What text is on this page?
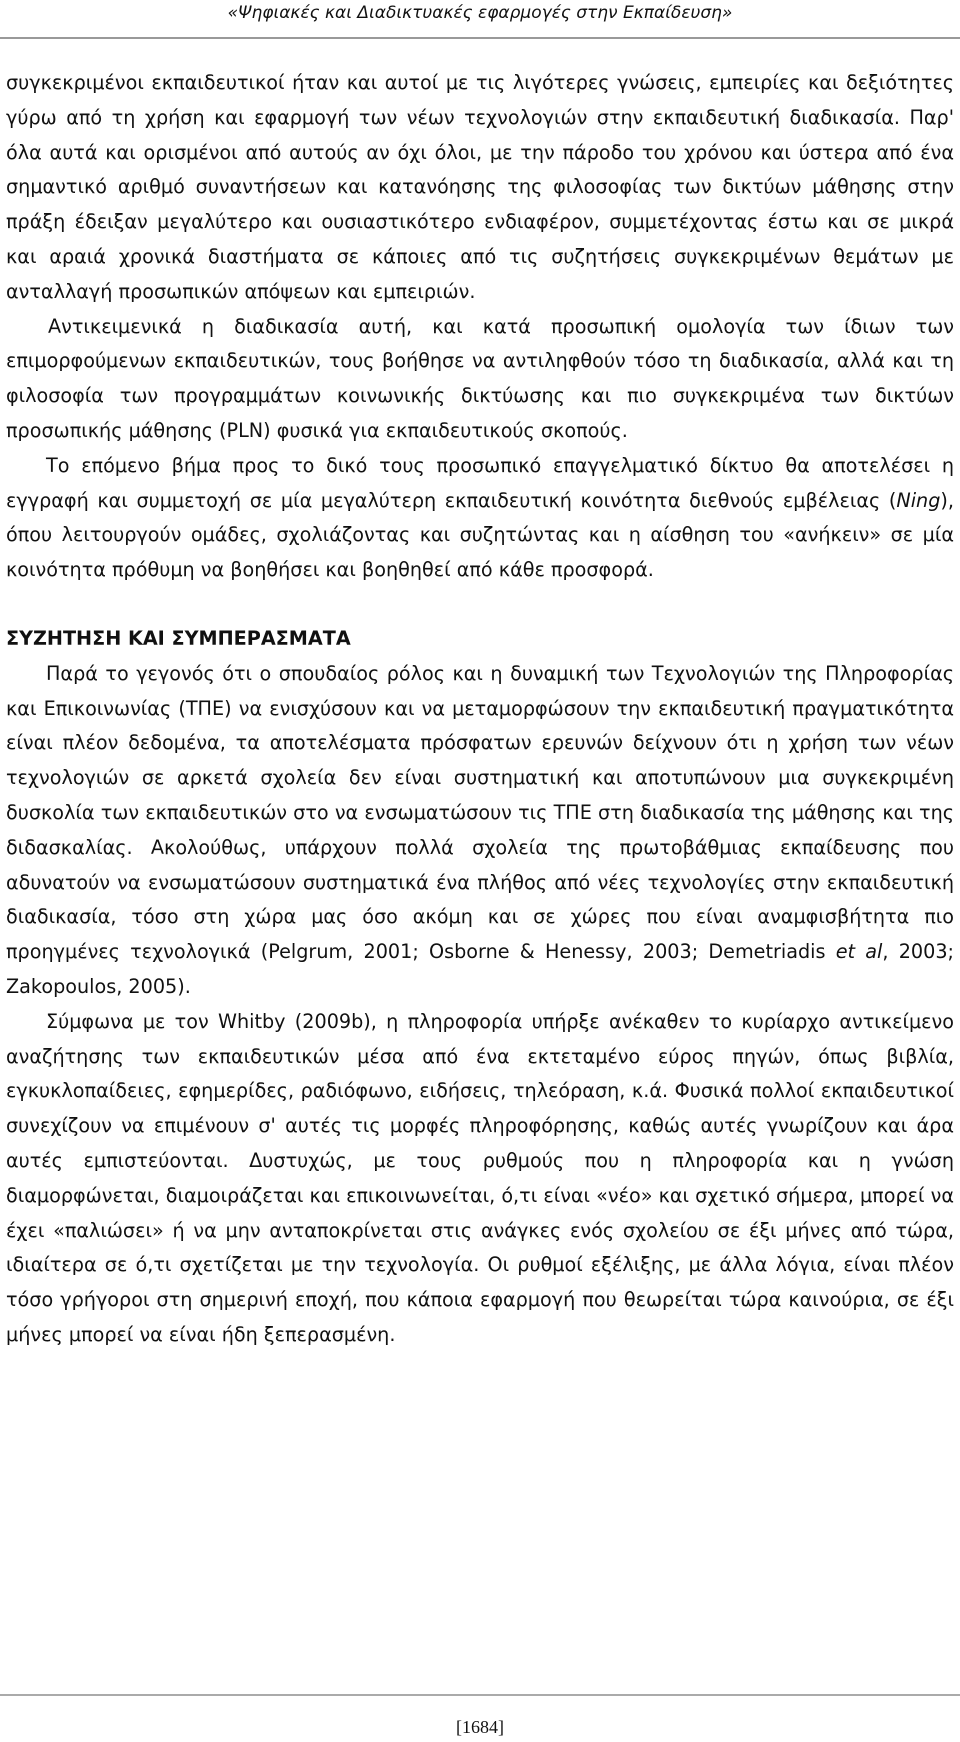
«Ψηφιακές και Διαδικτυακές εφαρμογές στην Εκπαίδευση»

συγκεκριμένοι εκπαιδευτικοί ήταν και αυτοί με τις λιγότερες γνώσεις, εμπειρίες και δεξιότητες γύρω από τη χρήση και εφαρμογή των νέων τεχνολογιών στην εκπαιδευτική διαδικασία. Παρ' όλα αυτά και ορισμένοι από αυτούς αν όχι όλοι, με την πάροδο του χρόνου και ύστερα από ένα σημαντικό αριθμό συναντήσεων και κατανόησης της φιλοσοφίας των δικτύων μάθησης στην πράξη έδειξαν μεγαλύτερο και ουσιαστικότερο ενδιαφέρον, συμμετέχοντας έστω και σε μικρά και αραιά χρονικά διαστήματα σε κάποιες από τις συζητήσεις συγκεκριμένων θεμάτων με ανταλλαγή προσωπικών απόψεων και εμπειριών.

Αντικειμενικά η διαδικασία αυτή, και κατά προσωπική ομολογία των ίδιων των επιμορφούμενων εκπαιδευτικών, τους βοήθησε να αντιληφθούν τόσο τη διαδικασία, αλλά και τη φιλοσοφία των προγραμμάτων κοινωνικής δικτύωσης και πιο συγκεκριμένα των δικτύων προσωπικής μάθησης (PLN) φυσικά για εκπαιδευτικούς σκοπούς.

Το επόμενο βήμα προς το δικό τους προσωπικό επαγγελματικό δίκτυο θα αποτελέσει η εγγραφή και συμμετοχή σε μία μεγαλύτερη εκπαιδευτική κοινότητα διεθνούς εμβέλειας (Ning), όπου λειτουργούν ομάδες, σχολιάζοντας και συζητώντας και η αίσθηση του «ανήκειν» σε μία κοινότητα πρόθυμη να βοηθήσει και βοηθηθεί από κάθε προσφορά.

ΣΥΖΗΤΗΣΗ ΚΑΙ ΣΥΜΠΕΡΑΣΜΑΤΑ

Παρά το γεγονός ότι ο σπουδαίος ρόλος και η δυναμική των Τεχνολογιών της Πληροφορίας και Επικοινωνίας (ΤΠΕ) να ενισχύσουν και να μεταμορφώσουν την εκπαιδευτική πραγματικότητα είναι πλέον δεδομένα, τα αποτελέσματα πρόσφατων ερευνών δείχνουν ότι η χρήση των νέων τεχνολογιών σε αρκετά σχολεία δεν είναι συστηματική και αποτυπώνουν μια συγκεκριμένη δυσκολία των εκπαιδευτικών στο να ενσωματώσουν τις ΤΠΕ στη διαδικασία της μάθησης και της διδασκαλίας. Ακολούθως, υπάρχουν πολλά σχολεία της πρωτοβάθμιας εκπαίδευσης που αδυνατούν να ενσωματώσουν συστηματικά ένα πλήθος από νέες τεχνολογίες στην εκπαιδευτική διαδικασία, τόσο στη χώρα μας όσο ακόμη και σε χώρες που είναι αναμφισβήτητα πιο προηγμένες τεχνολογικά (Pelgrum, 2001; Osborne & Henessy, 2003; Demetriadis et al, 2003; Zakopoulos, 2005).

Σύμφωνα με τον Whitby (2009b), η πληροφορία υπήρξε ανέκαθεν το κυρίαρχο αντικείμενο αναζήτησης των εκπαιδευτικών μέσα από ένα εκτεταμένο εύρος πηγών, όπως βιβλία, εγκυκλοπαίδειες, εφημερίδες, ραδιόφωνο, ειδήσεις, τηλεόραση, κ.ά. Φυσικά πολλοί εκπαιδευτικοί συνεχίζουν να επιμένουν σ' αυτές τις μορφές πληροφόρησης, καθώς αυτές γνωρίζουν και άρα αυτές εμπιστεύονται. Δυστυχώς, με τους ρυθμούς που η πληροφορία και η γνώση διαμορφώνεται, διαμοιράζεται και επικοινωνείται, ό,τι είναι «νέο» και σχετικό σήμερα, μπορεί να έχει «παλιώσει» ή να μην ανταποκρίνεται στις ανάγκες ενός σχολείου σε έξι μήνες από τώρα, ιδιαίτερα σε ό,τι σχετίζεται με την τεχνολογία. Οι ρυθμοί εξέλιξης, με άλλα λόγια, είναι πλέον τόσο γρήγοροι στη σημερινή εποχή, που κάποια εφαρμογή που θεωρείται τώρα καινούρια, σε έξι μήνες μπορεί να είναι ήδη ξεπερασμένη.

[1684]
